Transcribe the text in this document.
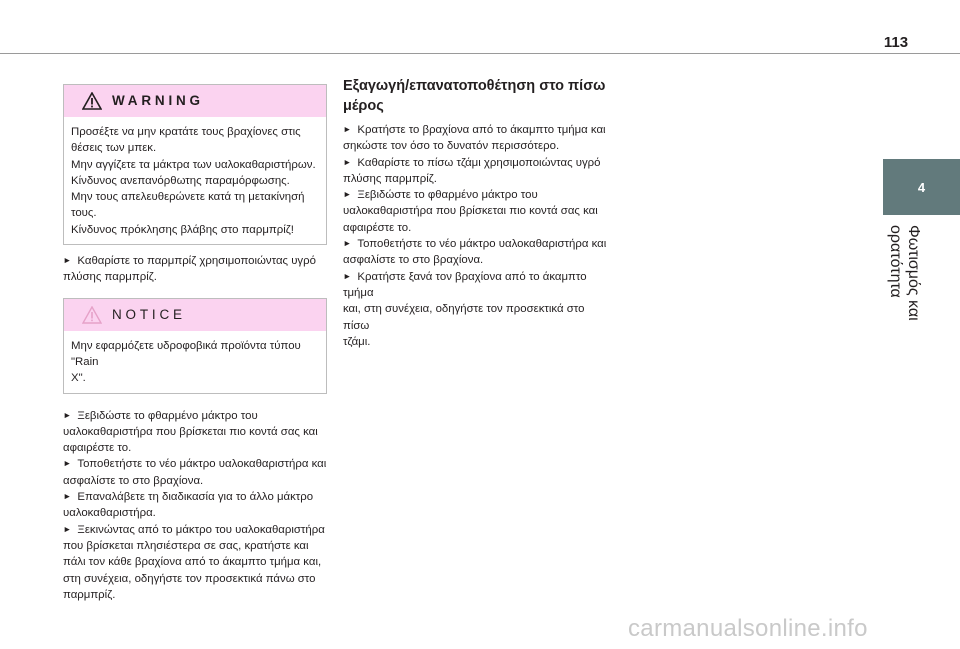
113
4
Φωτισμός και ορατότητα
WARNING

Προσέξτε να μην κρατάτε τους βραχίονες στις

θέσεις των μπεκ.

Μην αγγίζετε τα μάκτρα των υαλοκαθαριστήρων.

Κίνδυνος ανεπανόρθωτης παραμόρφωσης.

Μην τους απελευθερώνετε κατά τη μετακίνησή τους.

Κίνδυνος πρόκλησης βλάβης στο παρμπρίζ!

► Καθαρίστε το παρμπρίζ χρησιμοποιώντας υγρό

πλύσης παρμπρίζ.

NOTICE

Μην εφαρμόζετε υδροφοβικά προϊόντα τύπου "Rain

X".

► Ξεβιδώστε το φθαρμένο μάκτρο του

υαλοκαθαριστήρα που βρίσκεται πιο κοντά σας και

αφαιρέστε το.

► Τοποθετήστε το νέο μάκτρο υαλοκαθαριστήρα και

ασφαλίστε το στο βραχίονα.

► Επαναλάβετε τη διαδικασία για το άλλο μάκτρο

υαλοκαθαριστήρα.

► Ξεκινώντας από το μάκτρο του υαλοκαθαριστήρα

που βρίσκεται πλησιέστερα σε σας, κρατήστε και

πάλι τον κάθε βραχίονα από το άκαμπτο τμήμα και,

στη συνέχεια, οδηγήστε τον προσεκτικά πάνω στο

παρμπρίζ.

Εξαγωγή/επανατοποθέτηση στο πίσω
μέρος

► Κρατήστε το βραχίονα από το άκαμπτο τμήμα και

σηκώστε τον όσο το δυνατόν περισσότερο.

► Καθαρίστε το πίσω τζάμι χρησιμοποιώντας υγρό

πλύσης παρμπρίζ.

► Ξεβιδώστε το φθαρμένο μάκτρο του

υαλοκαθαριστήρα που βρίσκεται πιο κοντά σας και

αφαιρέστε το.

► Τοποθετήστε το νέο μάκτρο υαλοκαθαριστήρα και

ασφαλίστε το στο βραχίονα.

► Κρατήστε ξανά τον βραχίονα από το άκαμπτο τμήμα

και, στη συνέχεια, οδηγήστε τον προσεκτικά στο πίσω

τζάμι.

carmanualsonline.info
